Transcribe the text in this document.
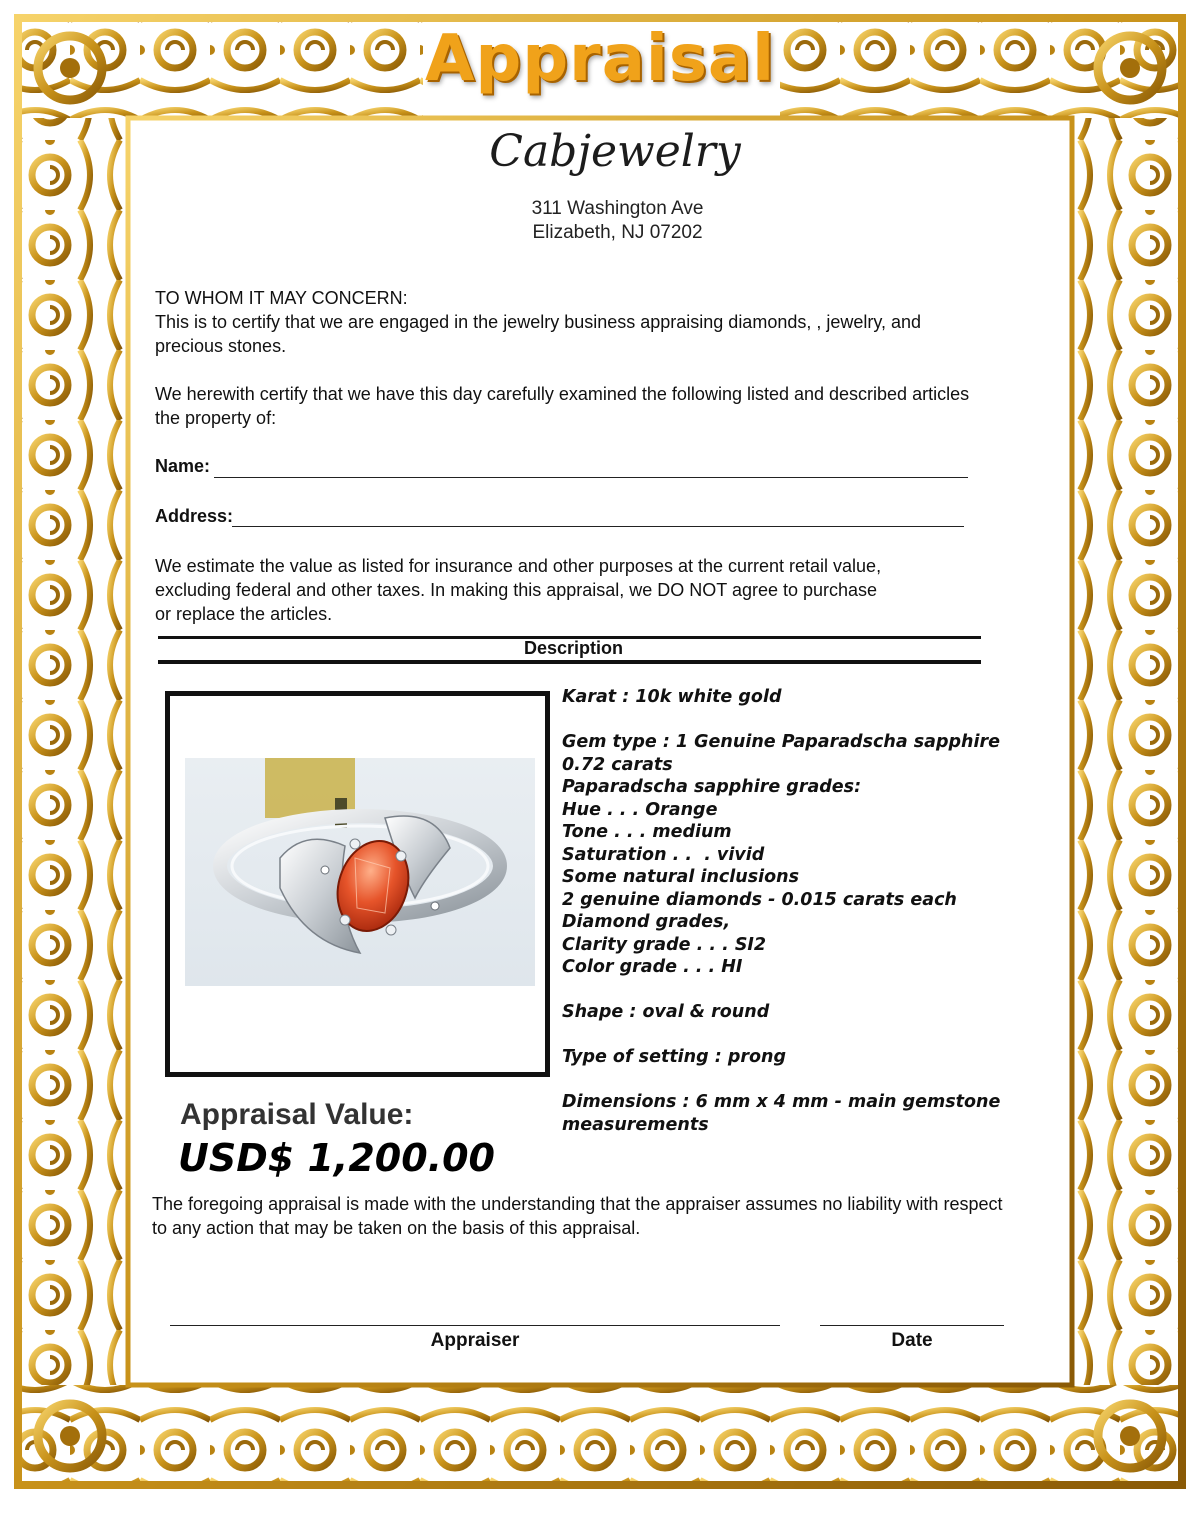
Appraisal
Cabjewelry
311 Washington Ave
Elizabeth, NJ 07202
TO WHOM IT MAY CONCERN:
This is to certify that we are engaged in the jewelry business appraising diamonds, , jewelry, and precious stones.
We herewith certify that we have this day carefully examined the following listed and described articles the property of:
Name:
Address:
We estimate the value as listed for insurance and other purposes at the current retail value,
excluding federal and other taxes. In making this appraisal, we DO NOT agree to purchase
or replace the articles.
Description
Karat : 10k white gold
Gem type : 1 Genuine Paparadscha sapphire
0.72 carats
Paparadscha sapphire grades:
Hue . . . Orange
Tone . . . medium
Saturation . .  . vivid
Some natural inclusions
2 genuine diamonds - 0.015 carats each
Diamond grades,
Clarity grade . . . SI2
Color grade . . . HI
Shape : oval & round
Type of setting : prong
Dimensions : 6 mm x 4 mm - main gemstone
measurements
Appraisal Value:
USD$ 1,200.00
The foregoing appraisal is made with the understanding that the appraiser assumes no liability with respect to any action that may be taken on the basis of this appraisal.
Appraiser	Date
